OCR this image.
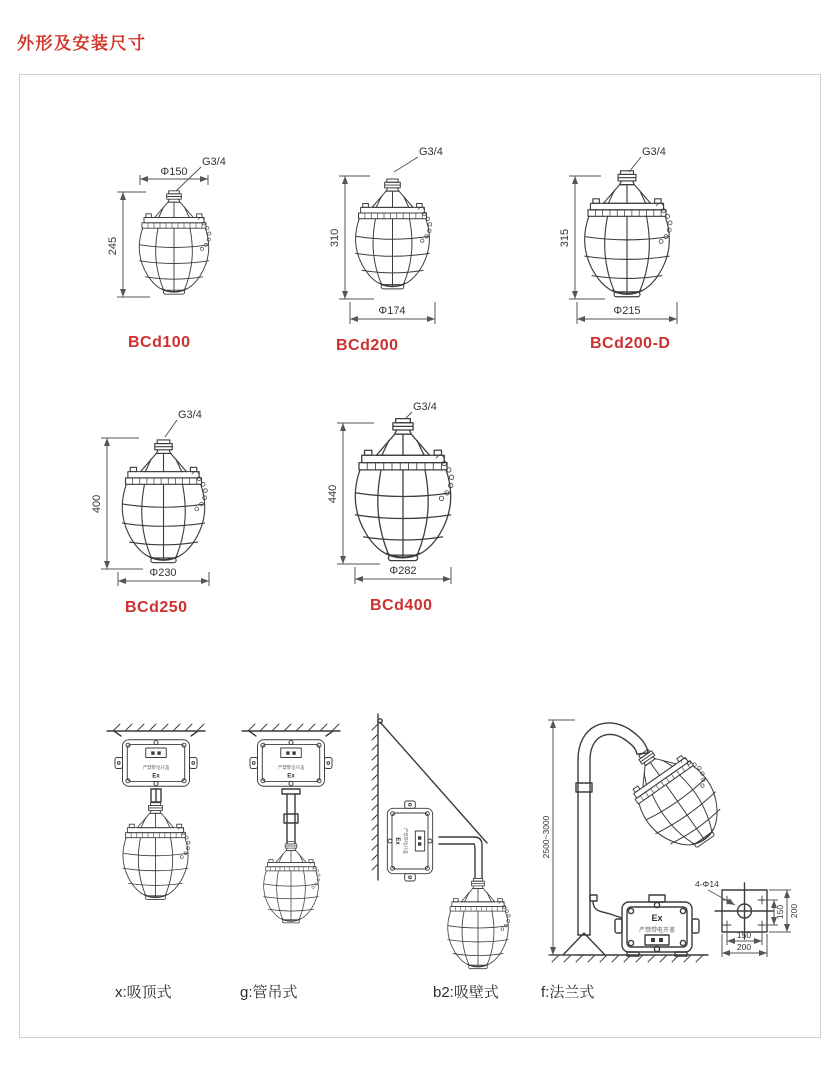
外形及安装尺寸
Φ150
G3/4
245
BCd100
G3/4
310
Φ174
BCd200
G3/4
315
Φ215
BCd200-D
G3/4
400
Φ230
BCd250
G3/4
440
Φ282
BCd400
x:吸顶式	g:管吊式	b2:吸壁式
Ex
严禁带电开盖
2500~3000
150 200
150
200
4-Φ14
f:法兰式
